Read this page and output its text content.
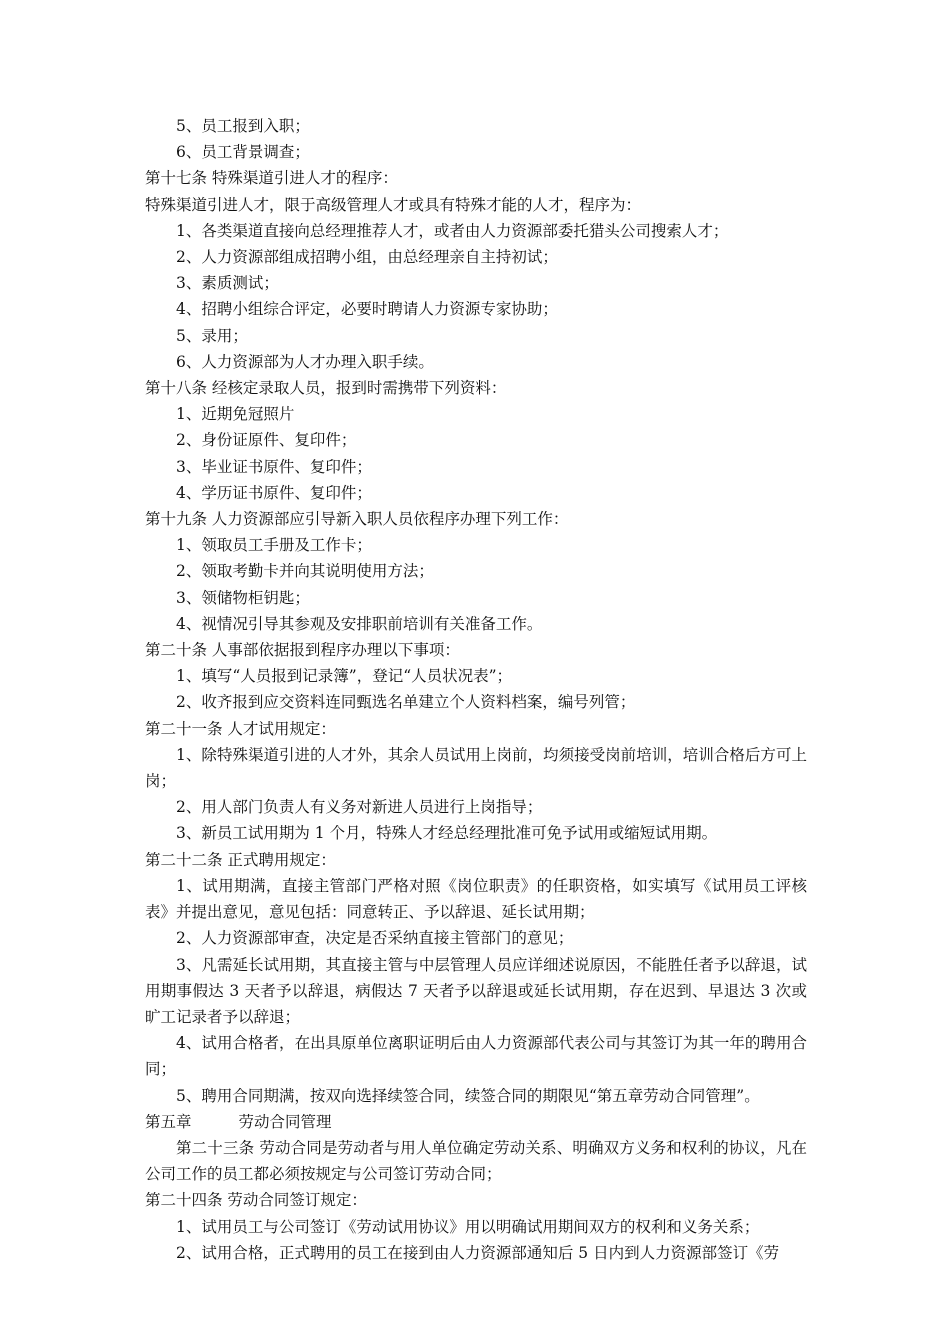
5、员工报到入职；
6、员工背景调查；
第十七条 特殊渠道引进人才的程序：
特殊渠道引进人才，限于高级管理人才或具有特殊才能的人才，程序为：
1、各类渠道直接向总经理推荐人才，或者由人力资源部委托猎头公司搜索人才；
2、人力资源部组成招聘小组，由总经理亲自主持初试；
3、素质测试；
4、招聘小组综合评定，必要时聘请人力资源专家协助；
5、录用；
6、人力资源部为人才办理入职手续。
第十八条 经核定录取人员，报到时需携带下列资料：
1、近期免冠照片
2、身份证原件、复印件；
3、毕业证书原件、复印件；
4、学历证书原件、复印件；
第十九条 人力资源部应引导新入职人员依程序办理下列工作：
1、领取员工手册及工作卡；
2、领取考勤卡并向其说明使用方法；
3、领储物柜钥匙；
4、视情况引导其参观及安排职前培训有关准备工作。
第二十条 人事部依据报到程序办理以下事项：
1、填写“人员报到记录簿”，登记“人员状况表”；
2、收齐报到应交资料连同甄选名单建立个人资料档案，编号列管；
第二十一条 人才试用规定：
1、除特殊渠道引进的人才外，其余人员试用上岗前，均须接受岗前培训，培训合格后方可上岗；
2、用人部门负责人有义务对新进人员进行上岗指导；
3、新员工试用期为 1 个月，特殊人才经总经理批准可免予试用或缩短试用期。
第二十二条 正式聘用规定：
1、试用期满，直接主管部门严格对照《岗位职责》的任职资格，如实填写《试用员工评核表》并提出意见，意见包括：同意转正、予以辞退、延长试用期；
2、人力资源部审查，决定是否采纳直接主管部门的意见；
3、凡需延长试用期，其直接主管与中层管理人员应详细述说原因，不能胜任者予以辞退，试用期事假达 3 天者予以辞退，病假达 7 天者予以辞退或延长试用期，存在迟到、早退达 3 次或旷工记录者予以辞退；
4、试用合格者，在出具原单位离职证明后由人力资源部代表公司与其签订为其一年的聘用合同；
5、聘用合同期满，按双向选择续签合同，续签合同的期限见“第五章劳动合同管理”。
第五章	劳动合同管理
第二十三条 劳动合同是劳动者与用人单位确定劳动关系、明确双方义务和权利的协议，凡在公司工作的员工都必须按规定与公司签订劳动合同；
第二十四条 劳动合同签订规定：
1、试用员工与公司签订《劳动试用协议》用以明确试用期间双方的权利和义务关系；
2、试用合格，正式聘用的员工在接到由人力资源部通知后 5 日内到人力资源部签订《劳
